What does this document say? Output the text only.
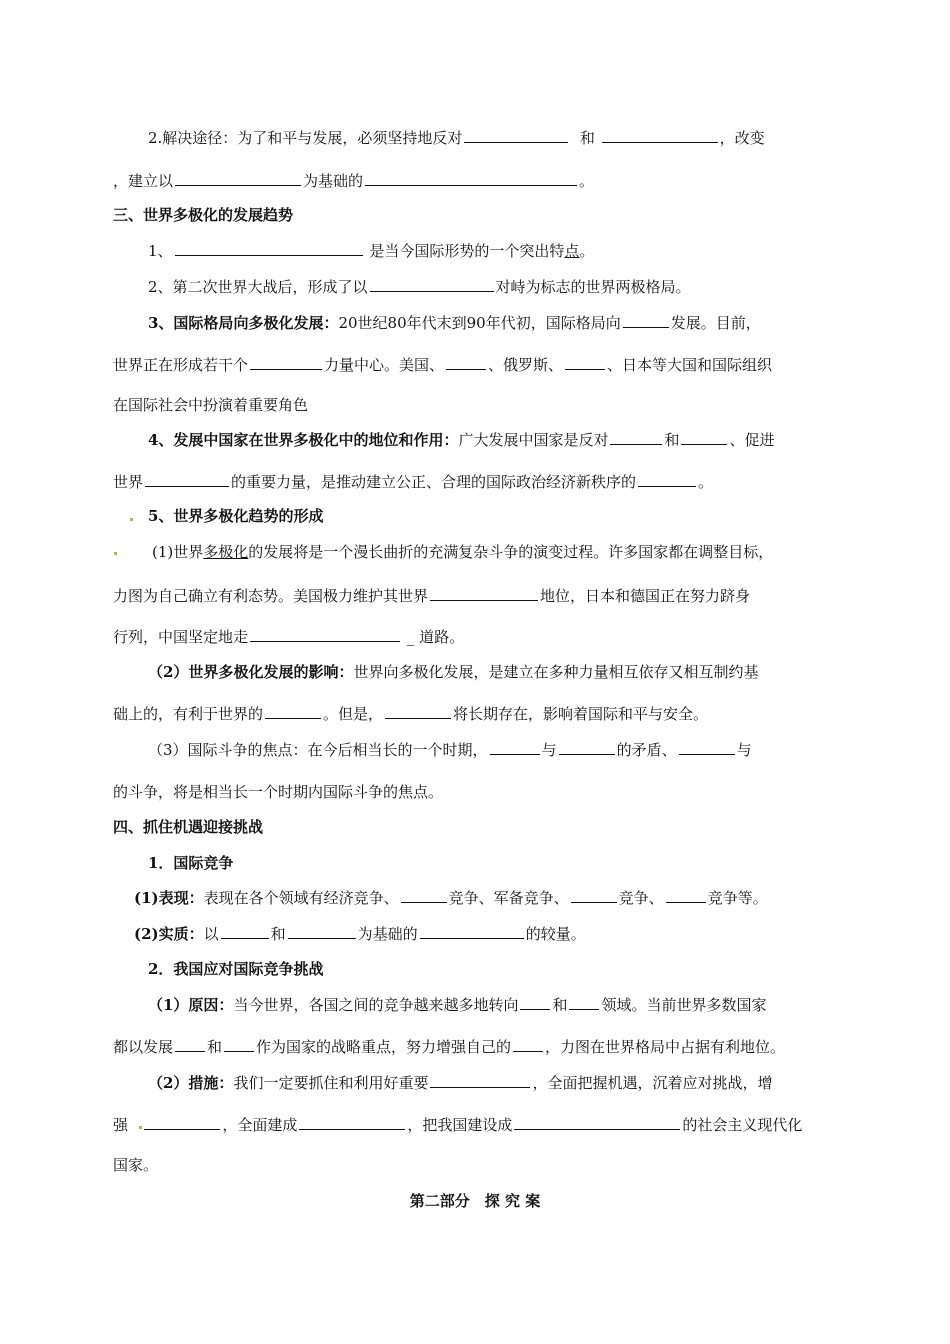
2.解决途径：为了和平与发展，必须坚持地反对	和	，改变
，建立以	为基础的	。
三、世界多极化的发展趋势
1、	是当今国际形势的一个突出特点。
2、第二次世界大战后，形成了以	对峙为标志的世界两极格局。
3、国际格局向多极化发展：20世纪80年代末到90年代初，国际格局向	发展。目前，
世界正在形成若干个	力量中心。美国、	、俄罗斯、	、日本等大国和国际组织
在国际社会中扮演着重要角色
4、发展中国家在世界多极化中的地位和作用：广大发展中国家是反对	和	、促进
世界	的重要力量，是推动建立公正、合理的国际政治经济新秩序的	。
5、世界多极化趋势的形成
(1)世界多极化的发展将是一个漫长曲折的充满复杂斗争的演变过程。许多国家都在调整目标，
力图为自己确立有利态势。美国极力维护其世界	地位，日本和德国正在努力跻身
行列，中国坚定地走	_ 道路。
（2）世界多极化发展的影响：世界向多极化发展，是建立在多种力量相互依存又相互制约基
础上的，有利于世界的	。但是，	将长期存在，影响着国际和平与安全。
（3）国际斗争的焦点：在今后相当长的一个时期，	与	的矛盾、	与
的斗争，将是相当长一个时期内国际斗争的焦点。
四、抓住机遇迎接挑战
1．国际竞争
(1)表现：表现在各个领域有经济竞争、	竞争、军备竞争、	竞争、	竞争等。
(2)实质：以	和	为基础的	的较量。
2．我国应对国际竞争挑战
（1）原因：当今世界，各国之间的竞争越来越多地转向 和 领域。当前世界多数国家
都以发展 和 作为国家的战略重点，努力增强自己的 ，力图在世界格局中占据有利地位。
（2）措施：我们一定要抓住和利用好重要	，全面把握机遇，沉着应对挑战，增
强	，全面建成	，把我国建设成	的社会主义现代化
国家。
第二部分　探 究 案
